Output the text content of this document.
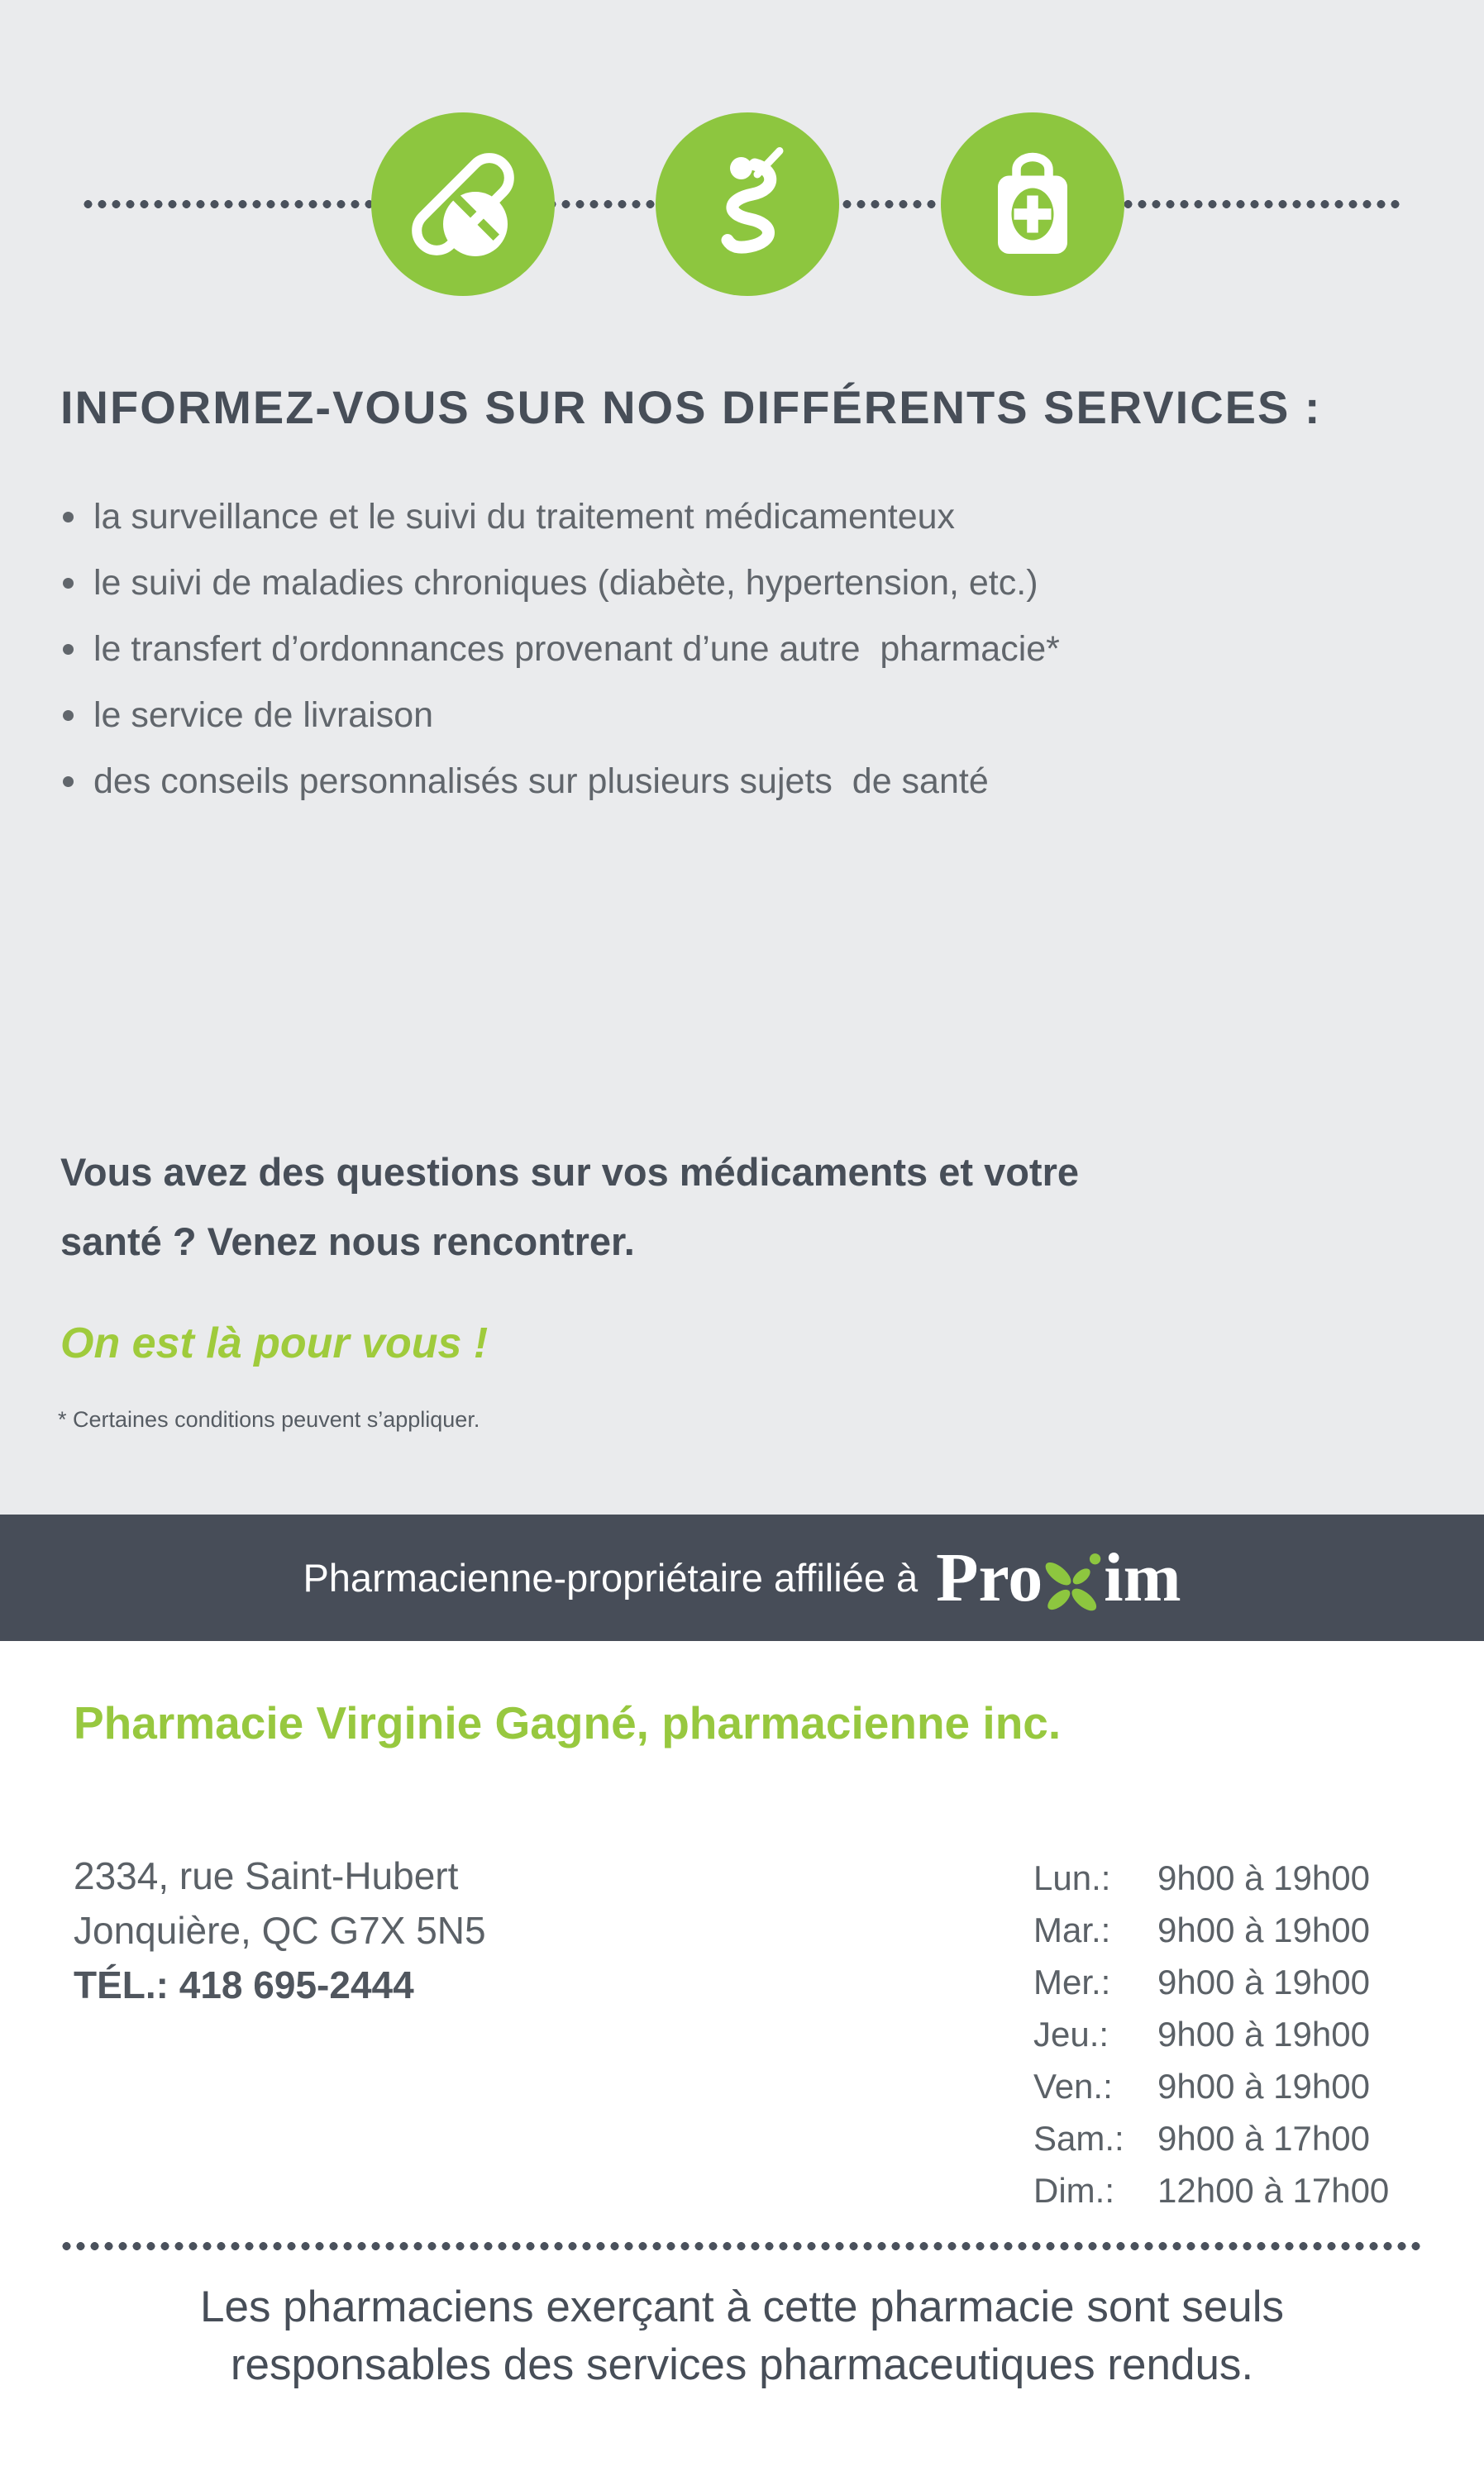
INFORMEZ-VOUS SUR NOS DIFFÉRENTS SERVICES :
la surveillance et le suivi du traitement médicamenteux
le suivi de maladies chroniques (diabète, hypertension, etc.)
le transfert d’ordonnances provenant d’une autre  pharmacie*
le service de livraison
des conseils personnalisés sur plusieurs sujets  de santé
Vous avez des questions sur vos médicaments et votre santé ? Venez nous rencontrer.
On est là pour vous !
* Certaines conditions peuvent s’appliquer.
Pharmacienne-propriétaire affiliée à Pro im
Pharmacie Virginie Gagné, pharmacienne inc.
2334, rue Saint-Hubert
Jonquière, QC G7X 5N5
TÉL.: 418 695-2444
Lun.:	9h00 à 19h00
Mar.:	9h00 à 19h00
Mer.:	9h00 à 19h00
Jeu.:	9h00 à 19h00
Ven.:	9h00 à 19h00
Sam.: 9h00 à 17h00
Dim.:	12h00 à 17h00
Les pharmaciens exerçant à cette pharmacie sont seuls
responsables des services pharmaceutiques rendus.
